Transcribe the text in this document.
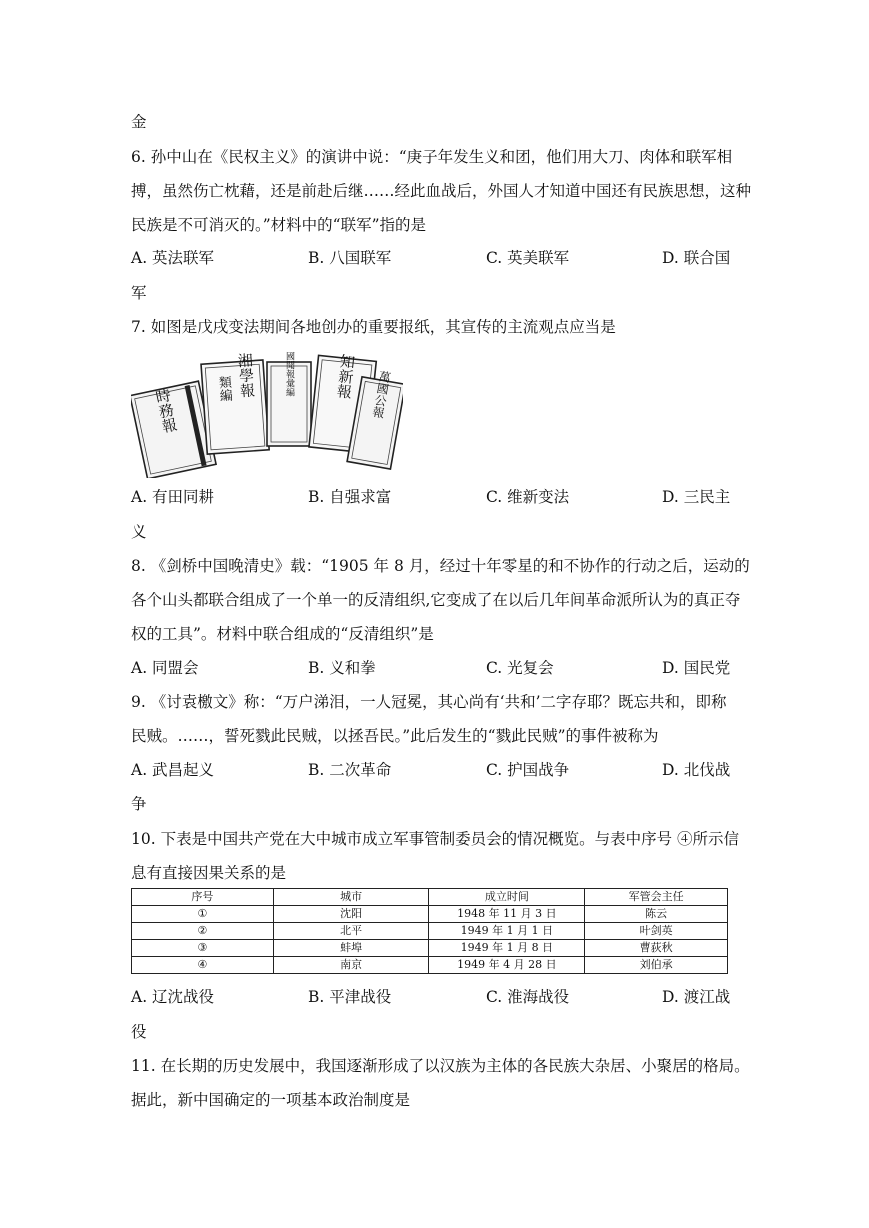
金
6. 孙中山在《民权主义》的演讲中说：“庚子年发生义和团，他们用大刀、肉体和联军相
搏，虽然伤亡枕藉，还是前赴后继……经此血战后，外国人才知道中国还有民族思想，这种
民族是不可消灭的。”材料中的“联军”指的是
A. 英法联军	B. 八国联军	C. 英美联军	D. 联合国
军
7. 如图是戊戌变法期间各地创办的重要报纸，其宣传的主流观点应当是
時務報
湘學報
類編	國聞報彙編	知新報 萬國公報
A. 有田同耕	B. 自强求富	C. 维新变法	D. 三民主
义
8. 《剑桥中国晚清史》载：“1905 年 8 月，经过十年零星的和不协作的行动之后，运动的
各个山头都联合组成了一个单一的反清组织,它变成了在以后几年间革命派所认为的真正夺
权的工具”。材料中联合组成的“反清组织”是
A. 同盟会	B. 义和拳	C. 光复会	D. 国民党
9. 《讨袁檄文》称：“万户涕泪，一人冠冕，其心尚有‘共和’二字存耶？既忘共和，即称
民贼。……，誓死戮此民贼，以拯吾民。”此后发生的“戮此民贼”的事件被称为
A. 武昌起义	B. 二次革命	C. 护国战争	D. 北伐战
争
10. 下表是中国共产党在大中城市成立军事管制委员会的情况概览。与表中序号 ④所示信
息有直接因果关系的是
序号	城市	成立时间	军管会主任
①	沈阳	1948 年 11 月 3 日	陈云
②	北平	1949 年 1 月 1 日	叶剑英
③	蚌埠	1949 年 1 月 8 日	曹荻秋
④	南京	1949 年 4 月 28 日	刘伯承
A. 辽沈战役	B. 平津战役	C. 淮海战役	D. 渡江战
役
11. 在长期的历史发展中，我国逐渐形成了以汉族为主体的各民族大杂居、小聚居的格局。
据此，新中国确定的一项基本政治制度是
